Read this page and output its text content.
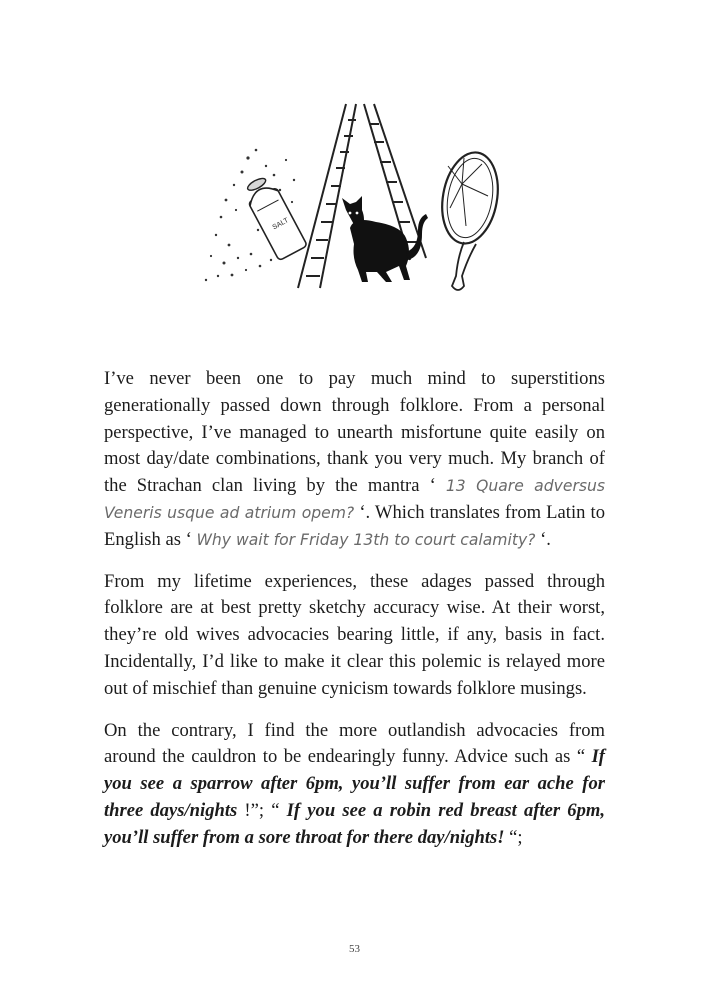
SALT

I’ve never been one to pay much mind to superstitions generationally passed down through folklore. From a personal perspective, I’ve managed to unearth misfortune quite easily on most day/date combinations, thank you very much. My branch of the Strachan clan living by the mantra ‘ 13 Quare adversus Veneris usque ad atrium opem? ‘. Which translates from Latin to English as ‘ Why wait for Friday 13th to court calamity? ‘.

From my lifetime experiences, these adages passed through folklore are at best pretty sketchy accuracy wise. At their worst, they’re old wives advocacies bearing little, if any, basis in fact. Incidentally, I’d like to make it clear this polemic is relayed more out of mischief than genuine cynicism towards folklore musings.

On the contrary, I find the more outlandish advocacies from around the cauldron to be endearingly funny. Advice such as “ If you see a sparrow after 6pm, you’ll suffer from ear ache for three days/nights !”; “ If you see a robin red breast after 6pm, you’ll suffer from a sore throat for there day/nights! “;

53
